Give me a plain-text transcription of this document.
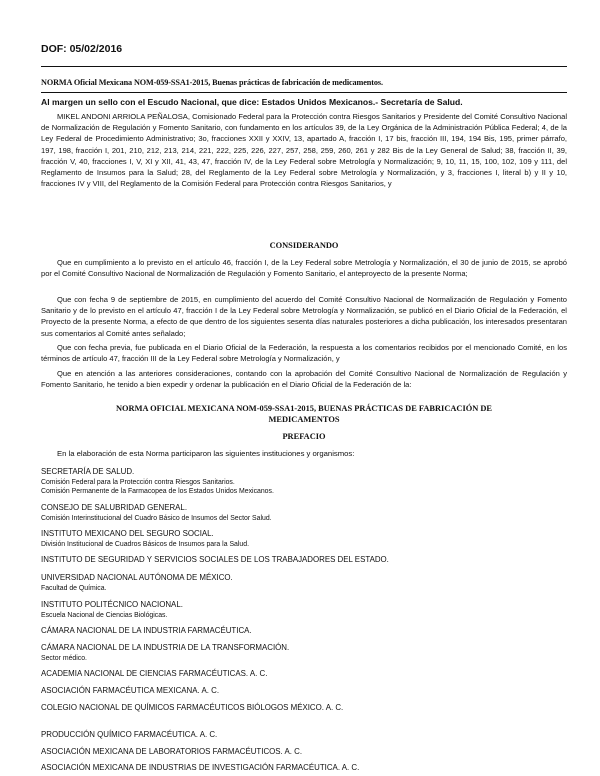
DOF: 05/02/2016
NORMA Oficial Mexicana NOM-059-SSA1-2015, Buenas prácticas de fabricación de medicamentos.
Al margen un sello con el Escudo Nacional, que dice: Estados Unidos Mexicanos.- Secretaría de Salud.
MIKEL ANDONI ARRIOLA PEÑALOSA, Comisionado Federal para la Protección contra Riesgos Sanitarios y Presidente del Comité Consultivo Nacional de Normalización de Regulación y Fomento Sanitario, con fundamento en los artículos 39, de la Ley Orgánica de la Administración Pública Federal; 4, de la Ley Federal de Procedimiento Administrativo; 3o, fracciones XXII y XXIV, 13, apartado A, fracción I, 17 bis, fracción III, 194, 194 Bis, 195, primer párrafo, 197, 198, fracción I, 201, 210, 212, 213, 214, 221, 222, 225, 226, 227, 257, 258, 259, 260, 261 y 282 Bis de la Ley General de Salud; 38, fracción II, 39, fracción V, 40, fracciones I, V, XI y XII, 41, 43, 47, fracción IV, de la Ley Federal sobre Metrología y Normalización; 9, 10, 11, 15, 100, 102, 109 y 111, del Reglamento de Insumos para la Salud; 28, del Reglamento de la Ley Federal sobre Metrología y Normalización, y 3, fracciones I, literal b) y II y 10, fracciones IV y VIII, del Reglamento de la Comisión Federal para Protección contra Riesgos Sanitarios, y
CONSIDERANDO
Que en cumplimiento a lo previsto en el artículo 46, fracción I, de la Ley Federal sobre Metrología y Normalización, el 30 de junio de 2015, se aprobó por el Comité Consultivo Nacional de Normalización de Regulación y Fomento Sanitario, el anteproyecto de la presente Norma;
Que con fecha 9 de septiembre de 2015, en cumplimiento del acuerdo del Comité Consultivo Nacional de Normalización de Regulación y Fomento Sanitario y de lo previsto en el artículo 47, fracción I de la Ley Federal sobre Metrología y Normalización, se publicó en el Diario Oficial de la Federación, el Proyecto de la presente Norma, a efecto de que dentro de los siguientes sesenta días naturales posteriores a dicha publicación, los interesados presentaran sus comentarios al Comité antes señalado;
Que con fecha previa, fue publicada en el Diario Oficial de la Federación, la respuesta a los comentarios recibidos por el mencionado Comité, en los términos de artículo 47, fracción III de la Ley Federal sobre Metrología y Normalización, y
Que en atención a las anteriores consideraciones, contando con la aprobación del Comité Consultivo Nacional de Normalización de Regulación y Fomento Sanitario, he tenido a bien expedir y ordenar la publicación en el Diario Oficial de la Federación de la:
NORMA OFICIAL MEXICANA NOM-059-SSA1-2015, BUENAS PRÁCTICAS DE FABRICACIÓN DE
MEDICAMENTOS
PREFACIO
En la elaboración de esta Norma participaron las siguientes instituciones y organismos:
SECRETARÍA DE SALUD.
Comisión Federal para la Protección contra Riesgos Sanitarios.
Comisión Permanente de la Farmacopea de los Estados Unidos Mexicanos.
CONSEJO DE SALUBRIDAD GENERAL.
Comisión Interinstitucional del Cuadro Básico de Insumos del Sector Salud.
INSTITUTO MEXICANO DEL SEGURO SOCIAL.
División Institucional de Cuadros Básicos de Insumos para la Salud.
INSTITUTO DE SEGURIDAD Y SERVICIOS SOCIALES DE LOS TRABAJADORES DEL ESTADO.
UNIVERSIDAD NACIONAL AUTÓNOMA DE MÉXICO.
Facultad de Química.
INSTITUTO POLITÉCNICO NACIONAL.
Escuela Nacional de Ciencias Biológicas.
CÁMARA NACIONAL DE LA INDUSTRIA FARMACÉUTICA.
CÁMARA NACIONAL DE LA INDUSTRIA DE LA TRANSFORMACIÓN.
Sector médico.
ACADEMIA NACIONAL DE CIENCIAS FARMACÉUTICAS. A. C.
ASOCIACIÓN FARMACÉUTICA MEXICANA. A. C.
COLEGIO NACIONAL DE QUÍMICOS FARMACÉUTICOS BIÓLOGOS MÉXICO. A. C.
PRODUCCIÓN QUÍMICO FARMACÉUTICA. A. C.
ASOCIACIÓN MEXICANA DE LABORATORIOS FARMACÉUTICOS. A. C.
ASOCIACIÓN MEXICANA DE INDUSTRIAS DE INVESTIGACIÓN FARMACÉUTICA. A. C.
